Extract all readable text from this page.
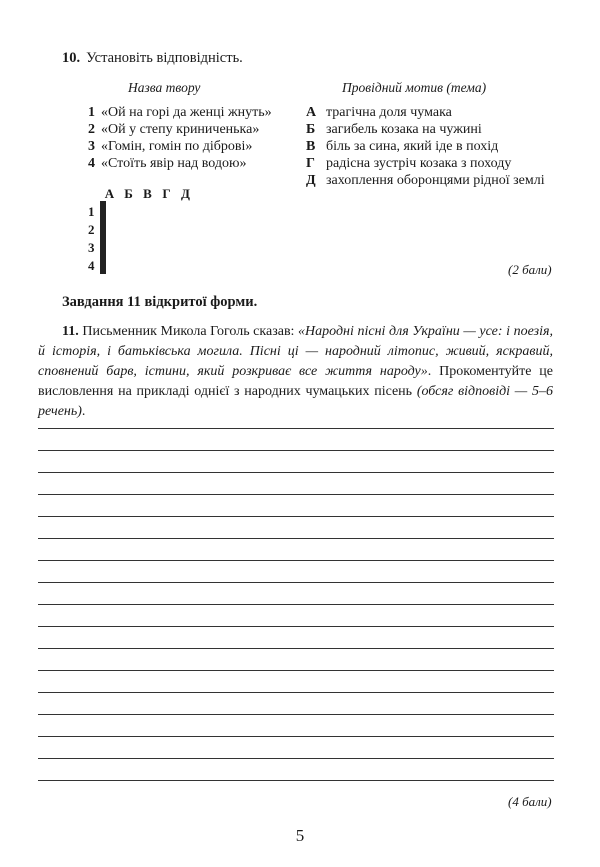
10. Установіть відповідність.
Назва твору	Провідний мотив (тема)
1 «Ой на горі да женці жнуть»
2 «Ой у степу криниченька»
3 «Гомін, гомін по діброві»
4 «Стоїть явір над водою»
А трагічна доля чумака
Б загибель козака на чужині
В біль за сина, який іде в похід
Г радісна зустріч козака з походу
Д захоплення оборонцями рідної землі
А Б В Г Д
1
2
3
4

					(2 бали)
Завдання 11 відкритої форми.
11. Письменник Микола Гоголь сказав: «Народні пісні для України — усе: і поезія, й історія, і батьківська могила. Пісні ці — народний літопис, живий, яскравий, сповнений барв, істини, який розкриває все життя народу». Прокоментуйте це висловлення на прикладі однієї з народних чумацьких пісень (обсяг відповіді — 5–6 речень).
(4 бали)
5
